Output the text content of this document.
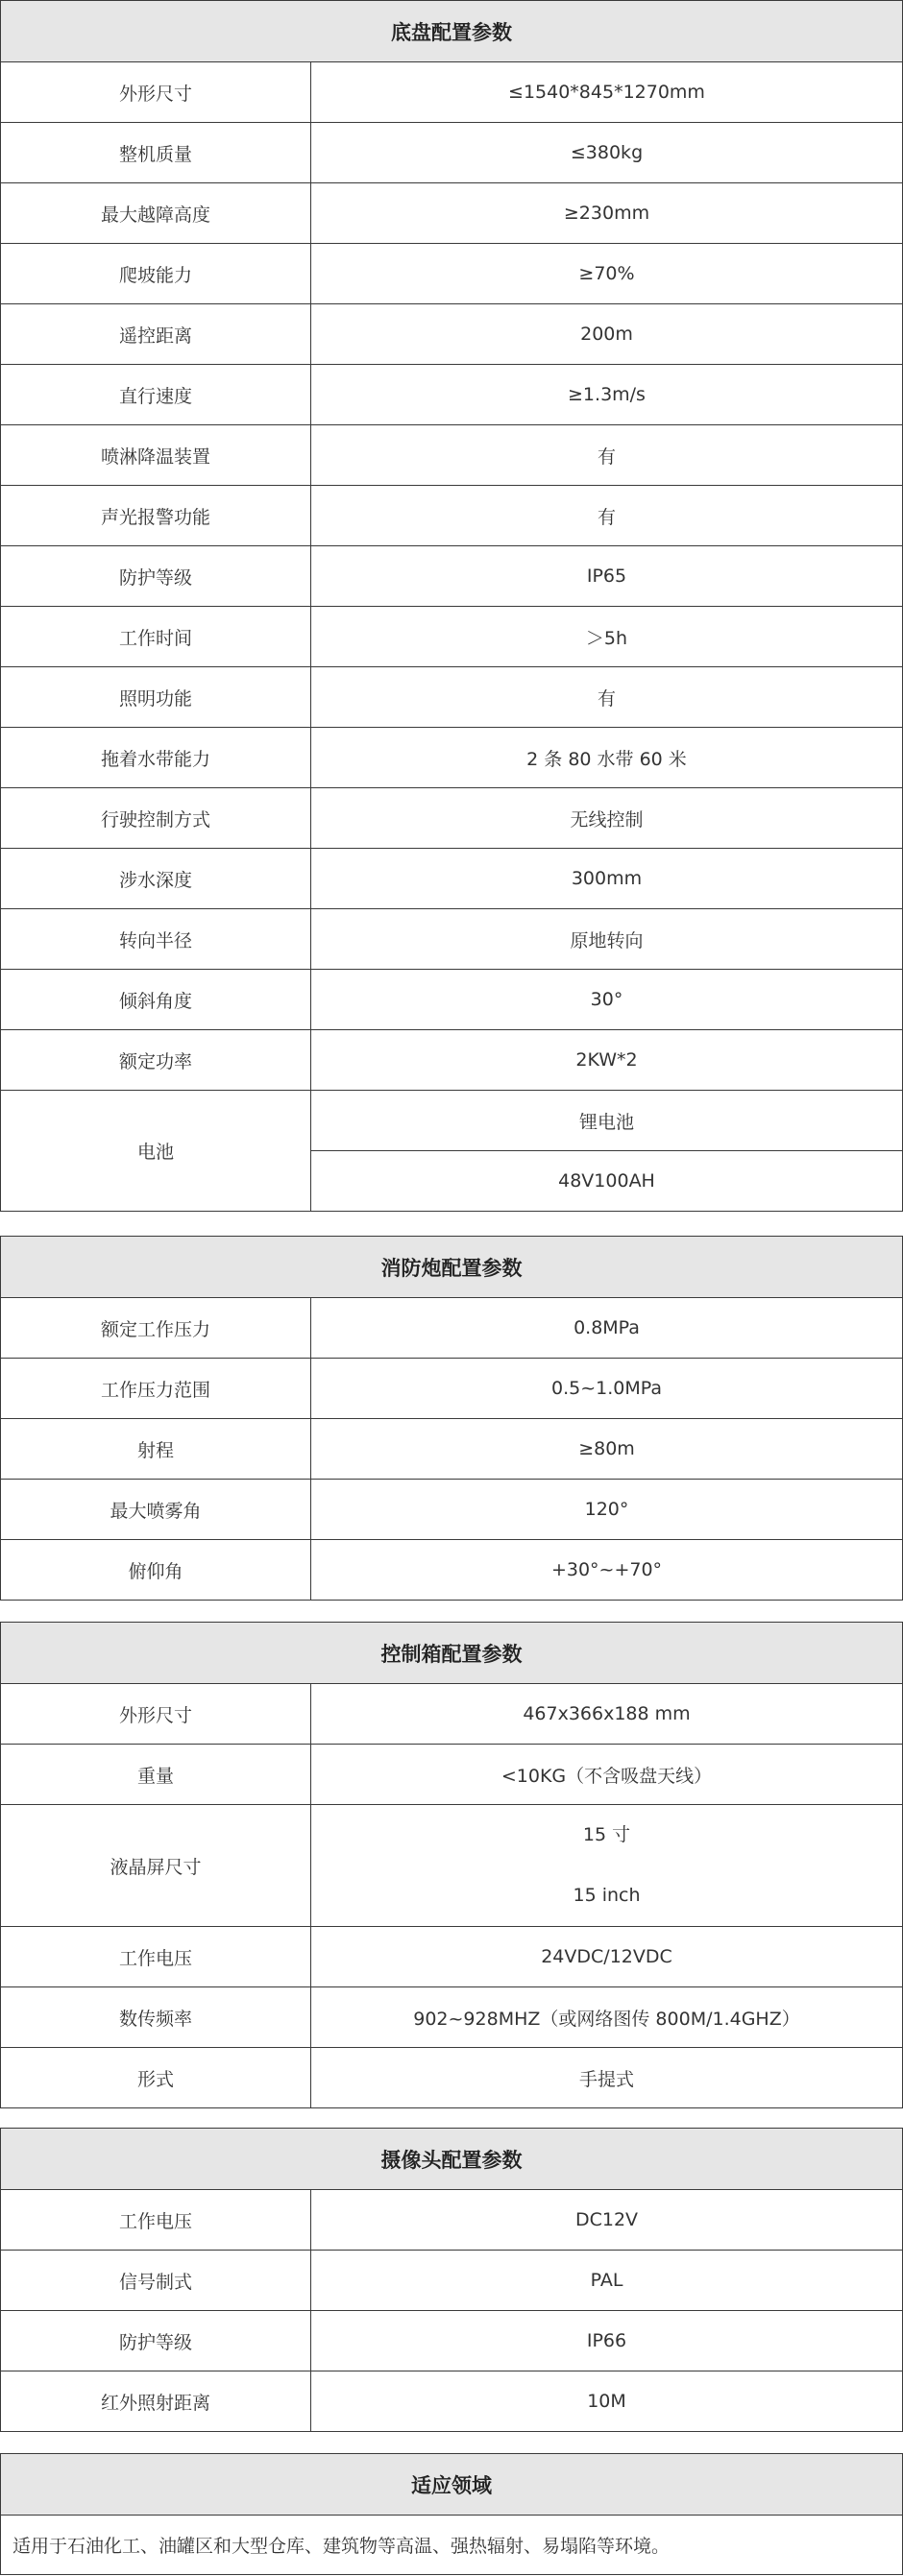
底盘配置参数	
外形尺寸	≤1540*845*1270mm
整机质量	≤380kg
最大越障高度	≥230mm
爬坡能力	≥70%
遥控距离	200m
直行速度	≥1.3m/s
喷淋降温装置	有
声光报警功能	有
防护等级	IP65
工作时间	＞5h
照明功能	有
拖着水带能力	2 条 80 水带 60 米
行驶控制方式	无线控制
涉水深度	300mm
转向半径	原地转向
倾斜角度	30°
额定功率	2KW*2
电池	锂电池
	48V100AH
消防炮配置参数	
额定工作压力	0.8MPa
工作压力范围	0.5~1.0MPa
射程	≥80m
最大喷雾角	120°
俯仰角	+30°~+70°
控制箱配置参数	
外形尺寸	467x366x188 mm
重量	<10KG（不含吸盘天线）
液晶屏尺寸	15 寸
15 inch

工作电压	24VDC/12VDC
数传频率	902~928MHZ（或网络图传 800M/1.4GHZ）
形式	手提式
摄像头配置参数	
工作电压	DC12V
信号制式	PAL
防护等级	IP66
红外照射距离	10M
适应领域
适用于石油化工、油罐区和大型仓库、建筑物等高温、强热辐射、易塌陷等环境。
